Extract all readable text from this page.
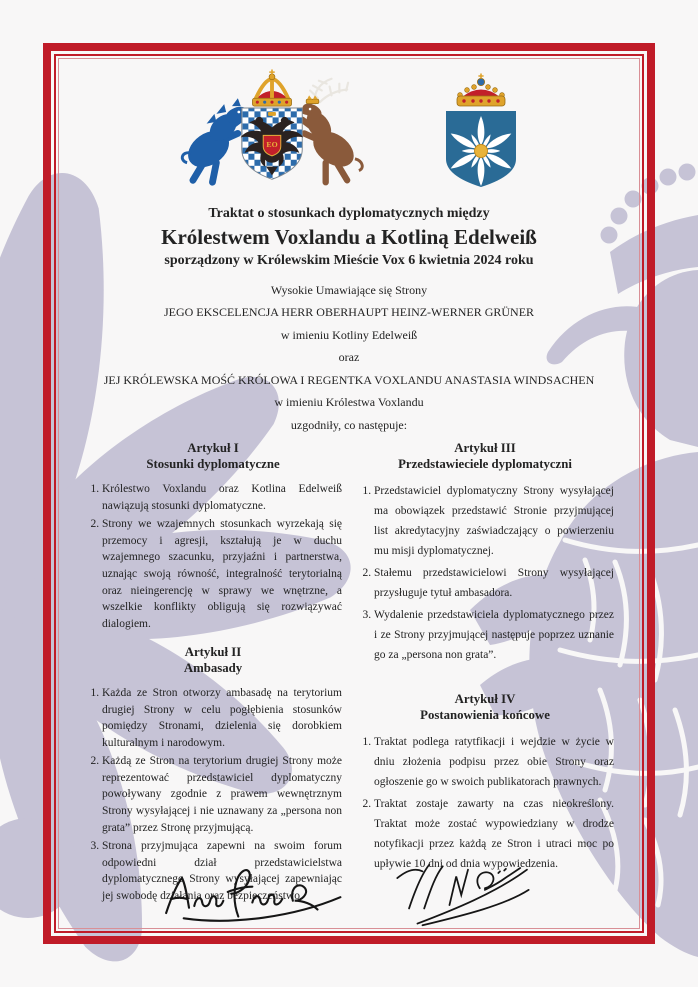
EO
Traktat o stosunkach dyplomatycznych między
Królestwem Voxlandu a Kotliną Edelweiß
sporządzony w Królewskim Mieście Vox 6 kwietnia 2024 roku

Wysokie Umawiające się Strony

JEGO EKSCELENCJA HERR OBERHAUPT HEINZ-WERNER GRÜNER

w imieniu Kotliny Edelweiß

oraz

JEJ KRÓLEWSKA MOŚĆ KRÓLOWA I REGENTKA VOXLANDU ANASTASIA WINDSACHEN

w imieniu Królestwa Voxlandu

uzgodniły, co następuje:

Artykuł I
Stosunki dyplomatyczne
1. Królestwo Voxlandu oraz Kotlina Edelweiß nawiązują stosunki dyplomatyczne.
2. Strony we wzajemnych stosunkach wyrzekają się przemocy i agresji, kształują je w duchu wzajemnego szacunku, przyjaźni i partnerstwa, uznając swoją równość, integralność terytorialną oraz nieingerencję w sprawy we wnętrzne, a wszelkie konflikty obligują się rozwiązywać dialogiem.
Artykuł II
Ambasady
1. Każda ze Stron otworzy ambasadę na terytorium drugiej Strony w celu pogłębienia stosunków pomiędzy Stronami, dzielenia się dorobkiem kulturalnym i narodowym.
2. Każdą ze Stron na terytorium drugiej Strony może reprezentować przedstawiciel dyplomatyczny powoływany zgodnie z prawem wewnętrznym Strony wysyłającej i nie uznawany za „persona non grata” przez Stronę przyjmującą.
3. Strona przyjmująca zapewni na swoim forum odpowiedni dział przedstawicielstwa dyplomatycznego Strony wysyłającej zapewniając jej swobodę działania oraz bezpieczeństwo.
Artykuł III
Przedstawieciele dyplomatyczni
1. Przedstawiciel dyplomatyczny Strony wysyłającej ma obowiązek przedstawić Stronie przyjmującej list akredytacyjny zaświadczający o powierzeniu mu misji dyplomatycznej.
2. Stałemu przedstawicielowi Strony wysyłającej przysługuje tytuł ambasadora.
3. Wydalenie przedstawiciela dyplomatycznego przez i ze Strony przyjmującej następuje poprzez uznanie go za „persona non grata”.
Artykuł IV
Postanowienia końcowe
1. Traktat podlega ratytfikacji i wejdzie w życie w dniu złożenia podpisu przez obie Strony oraz ogłoszenie go w swoich publikatorach prawnych.
2. Traktat zostaje zawarty na czas nieokreślony. Traktat może zostać wypowiedziany w drodze notyfikacji przez każdą ze Stron i utraci moc po upływie 10 dni od dnia wypowiedzenia.
